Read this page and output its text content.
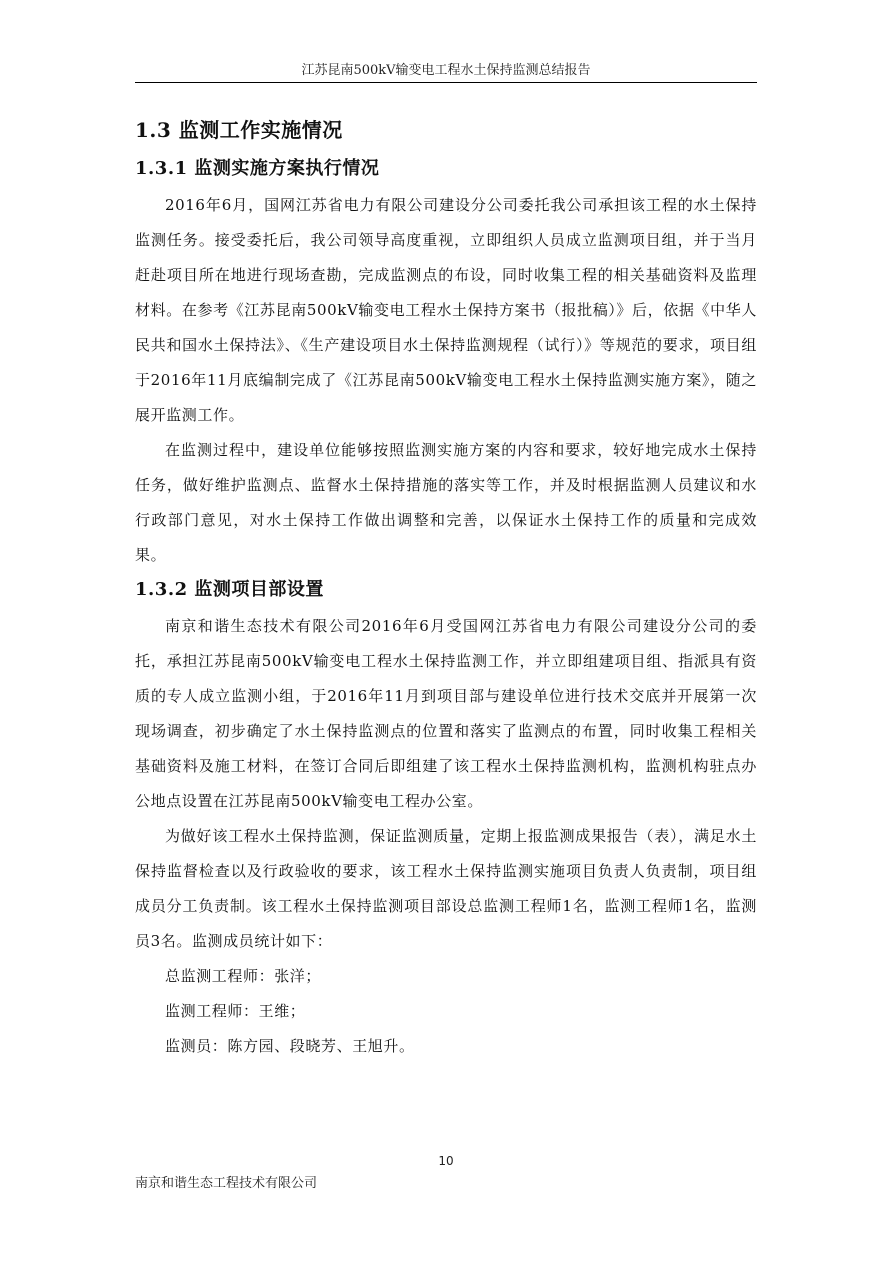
江苏昆南500kV输变电工程水土保持监测总结报告
1.3 监测工作实施情况
1.3.1 监测实施方案执行情况

2016年6月，国网江苏省电力有限公司建设分公司委托我公司承担该工程的水土保持监测任务。接受委托后，我公司领导高度重视，立即组织人员成立监测项目组，并于当月赶赴项目所在地进行现场查勘，完成监测点的布设，同时收集工程的相关基础资料及监理材料。在参考《江苏昆南500kV输变电工程水土保持方案书（报批稿）》后，依据《中华人民共和国水土保持法》、《生产建设项目水土保持监测规程（试行）》等规范的要求，项目组于2016年11月底编制完成了《江苏昆南500kV输变电工程水土保持监测实施方案》，随之展开监测工作。

在监测过程中，建设单位能够按照监测实施方案的内容和要求，较好地完成水土保持任务，做好维护监测点、监督水土保持措施的落实等工作，并及时根据监测人员建议和水行政部门意见，对水土保持工作做出调整和完善，以保证水土保持工作的质量和完成效果。

1.3.2 监测项目部设置

南京和谐生态技术有限公司2016年6月受国网江苏省电力有限公司建设分公司的委托，承担江苏昆南500kV输变电工程水土保持监测工作，并立即组建项目组、指派具有资质的专人成立监测小组，于2016年11月到项目部与建设单位进行技术交底并开展第一次现场调查，初步确定了水土保持监测点的位置和落实了监测点的布置，同时收集工程相关基础资料及施工材料，在签订合同后即组建了该工程水土保持监测机构，监测机构驻点办公地点设置在江苏昆南500kV输变电工程办公室。

为做好该工程水土保持监测，保证监测质量，定期上报监测成果报告（表），满足水土保持监督检查以及行政验收的要求，该工程水土保持监测实施项目负责人负责制，项目组成员分工负责制。该工程水土保持监测项目部设总监测工程师1名，监测工程师1名，监测员3名。监测成员统计如下：

总监测工程师：张洋；

监测工程师：王维；

监测员：陈方园、段晓芳、王旭升。

10
南京和谐生态工程技术有限公司
